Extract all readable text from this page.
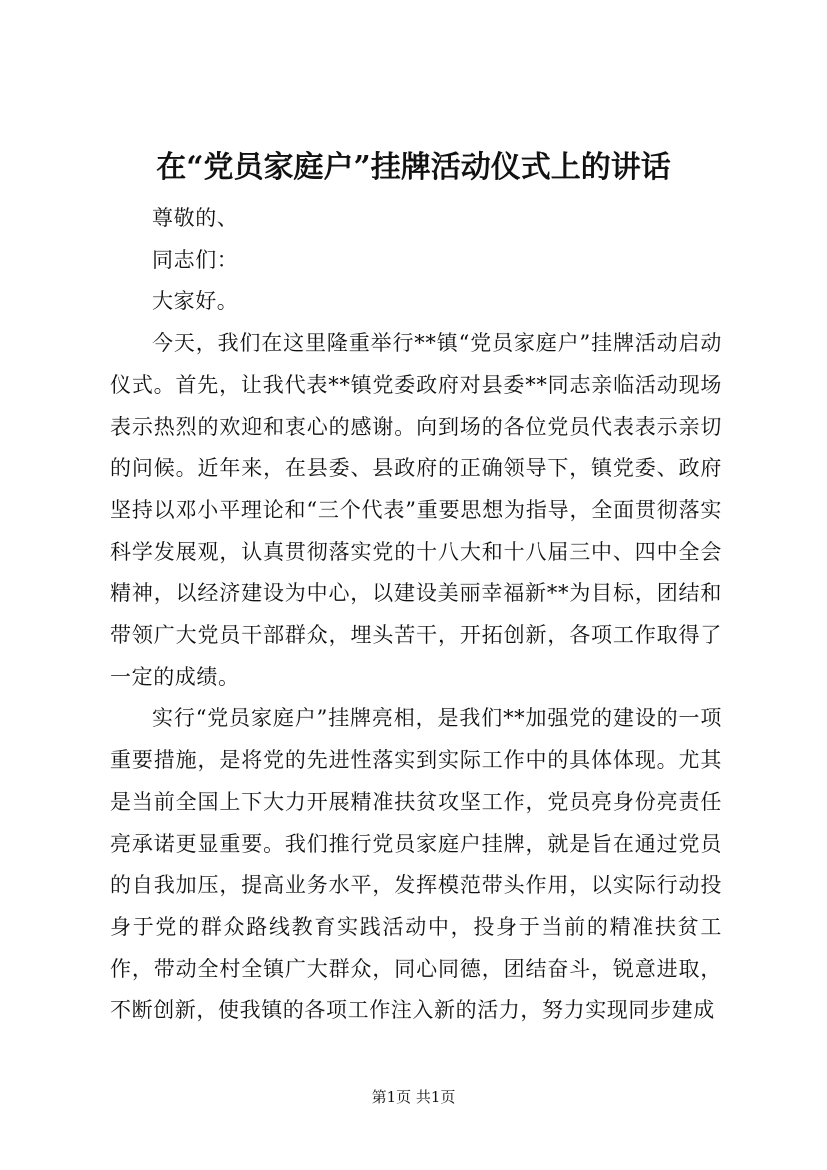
在“党员家庭户”挂牌活动仪式上的讲话

尊敬的、

同志们：

大家好。

今天，我们在这里隆重举行**镇“党员家庭户”挂牌活动启动仪式。首先，让我代表**镇党委政府对县委**同志亲临活动现场表示热烈的欢迎和衷心的感谢。向到场的各位党员代表表示亲切的问候。近年来，在县委、县政府的正确领导下，镇党委、政府坚持以邓小平理论和“三个代表”重要思想为指导，全面贯彻落实科学发展观，认真贯彻落实党的十八大和十八届三中、四中全会精神，以经济建设为中心，以建设美丽幸福新**为目标，团结和带领广大党员干部群众，埋头苦干，开拓创新，各项工作取得了一定的成绩。

实行“党员家庭户”挂牌亮相，是我们**加强党的建设的一项重要措施，是将党的先进性落实到实际工作中的具体体现。尤其是当前全国上下大力开展精准扶贫攻坚工作，党员亮身份亮责任亮承诺更显重要。我们推行党员家庭户挂牌，就是旨在通过党员的自我加压，提高业务水平，发挥模范带头作用，以实际行动投身于党的群众路线教育实践活动中，投身于当前的精准扶贫工作，带动全村全镇广大群众，同心同德，团结奋斗，锐意进取，不断创新，使我镇的各项工作注入新的活力，努力实现同步建成

第1页 共1页
